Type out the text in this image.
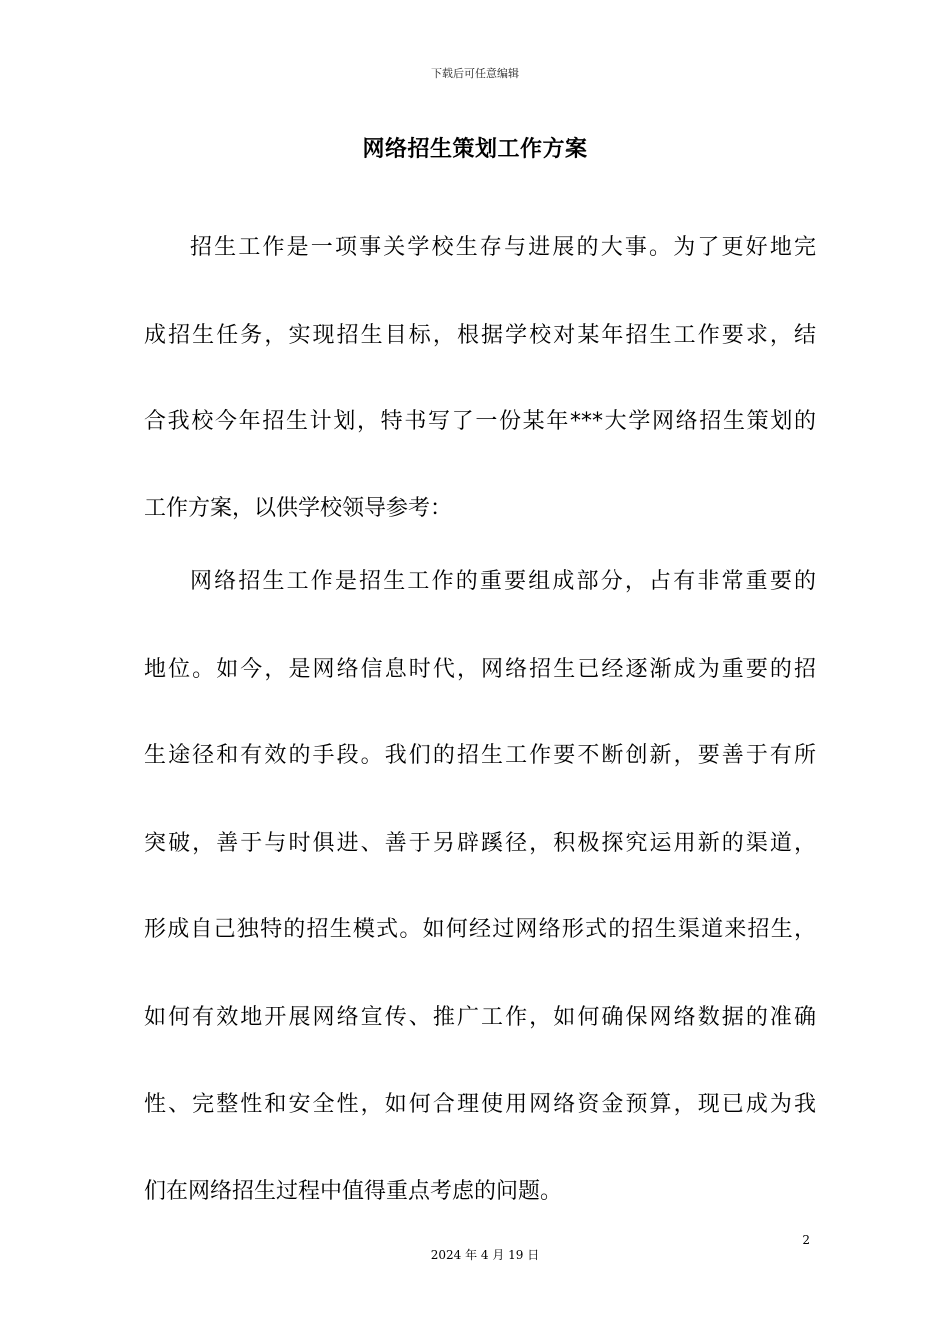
下载后可任意编辑
网络招生策划工作方案
招生工作是一项事关学校生存与进展的大事。为了更好地完
成招生任务，实现招生目标，根据学校对某年招生工作要求，结
合我校今年招生计划，特书写了一份某年***大学网络招生策划的
工作方案，以供学校领导参考：
网络招生工作是招生工作的重要组成部分，占有非常重要的
地位。如今，是网络信息时代，网络招生已经逐渐成为重要的招
生途径和有效的手段。我们的招生工作要不断创新，要善于有所
突破，善于与时俱进、善于另辟蹊径，积极探究运用新的渠道，
形成自己独特的招生模式。如何经过网络形式的招生渠道来招生，
如何有效地开展网络宣传、推广工作，如何确保网络数据的准确
性、完整性和安全性，如何合理使用网络资金预算，现已成为我
们在网络招生过程中值得重点考虑的问题。
2
2024 年 4 月 19 日
